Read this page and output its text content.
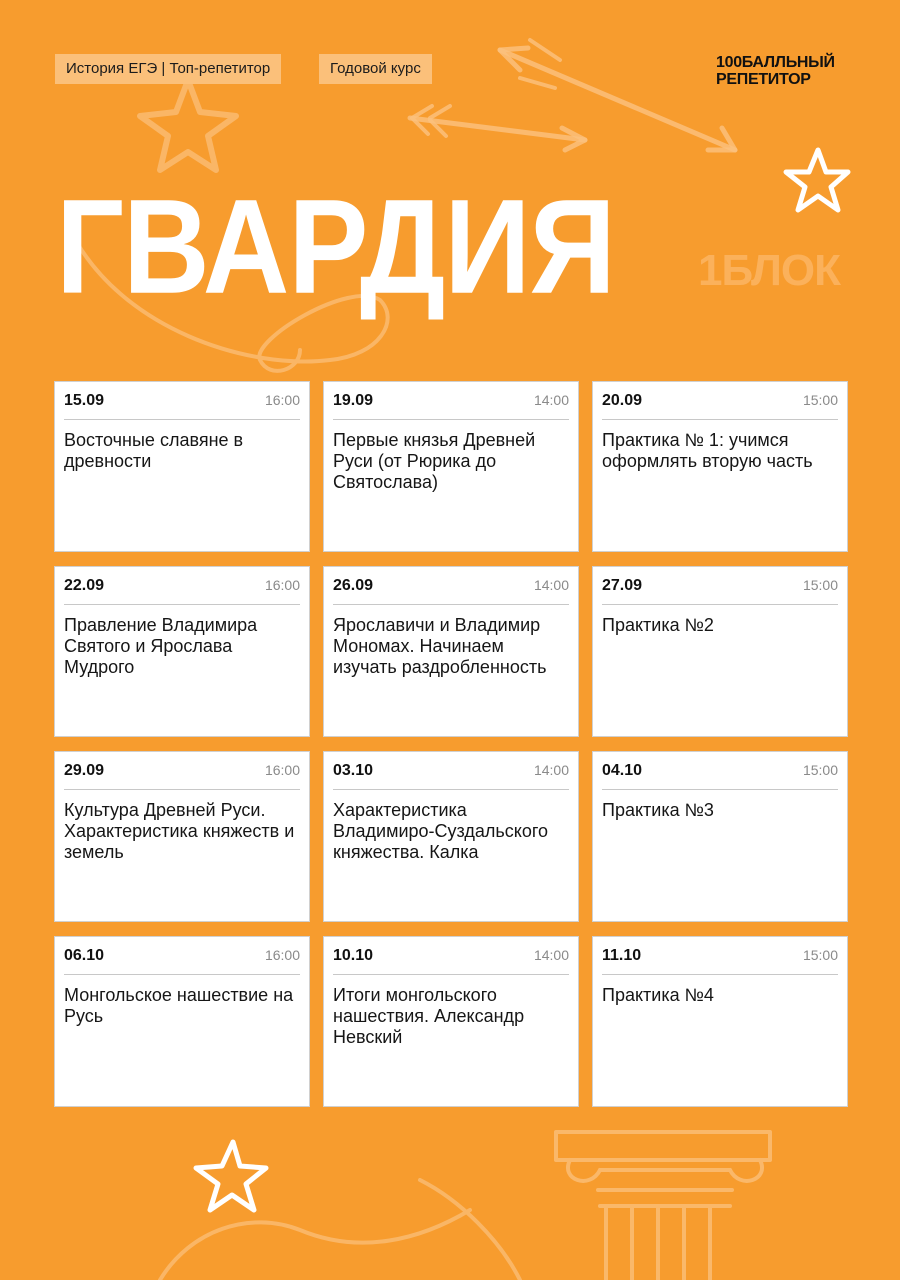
История ЕГЭ | Топ-репетитор	Годовой курс	100БАЛЛЬНЫЙ
РЕПЕТИТОР
ГВАРДИЯ 1БЛОК
15.09	16:00
Восточные славяне в древности
19.09	14:00
Первые князья Древней Руси (от Рюрика до Святослава)
20.09	15:00
Практика № 1: учимся оформлять вторую часть
22.09	16:00
Правление Владимира Святого и Ярослава Мудрого
26.09	14:00
Ярославичи и Владимир Мономах. Начинаем изучать раздробленность
27.09	15:00
Практика №2
29.09	16:00
Культура Древней Руси. Характеристика княжеств и земель
03.10	14:00
Характеристика Владимиро-Суздальского княжества. Калка
04.10	15:00
Практика №3
06.10	16:00
Монгольское нашествие на Русь
10.10	14:00
Итоги монгольского нашествия. Александр Невский
11.10	15:00
Практика №4
